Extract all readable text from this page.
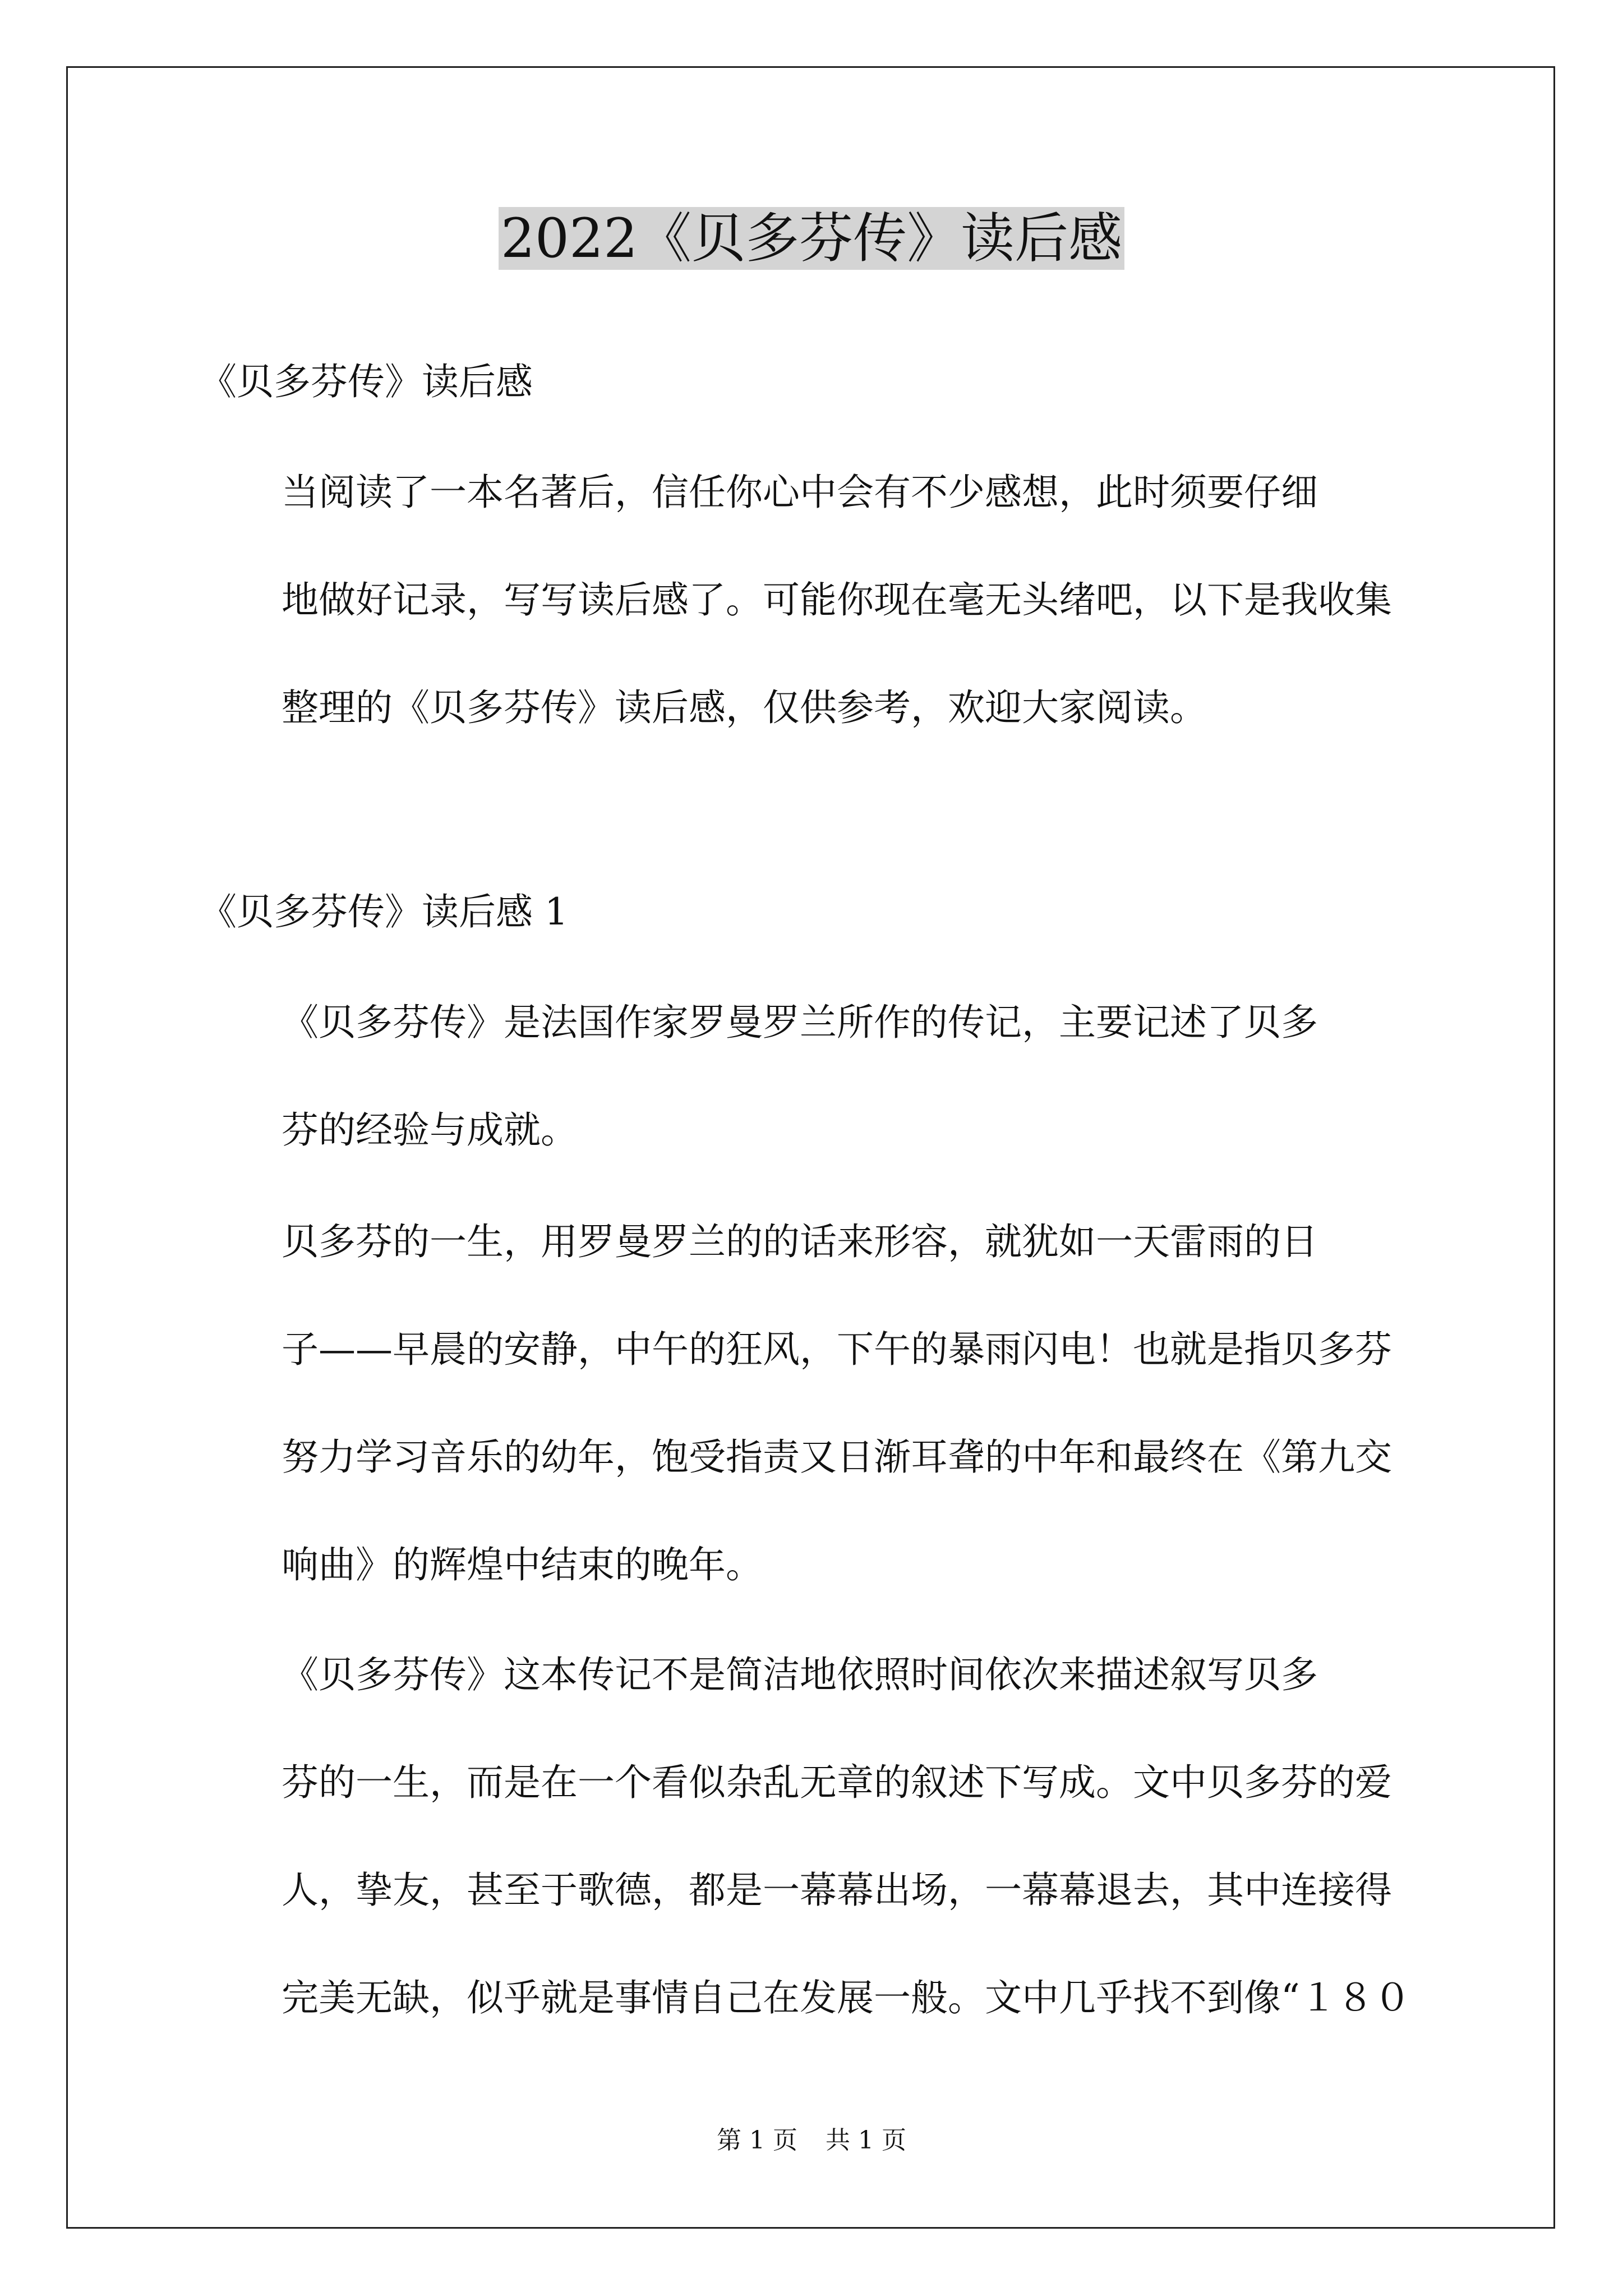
2022《贝多芬传》读后感

《贝多芬传》读后感

当阅读了一本名著后，信任你心中会有不少感想，此时须要仔细
地做好记录，写写读后感了。可能你现在毫无头绪吧，以下是我收集
整理的《贝多芬传》读后感，仅供参考，欢迎大家阅读。

《贝多芬传》读后感 1

《贝多芬传》是法国作家罗曼罗兰所作的传记，主要记述了贝多
芬的经验与成就。

贝多芬的一生，用罗曼罗兰的的话来形容，就犹如一天雷雨的日
子——早晨的安静，中午的狂风，下午的暴雨闪电！也就是指贝多芬
努力学习音乐的幼年，饱受指责又日渐耳聋的中年和最终在《第九交
响曲》的辉煌中结束的晚年。

《贝多芬传》这本传记不是简洁地依照时间依次来描述叙写贝多
芬的一生，而是在一个看似杂乱无章的叙述下写成。文中贝多芬的爱
人，挚友，甚至于歌德，都是一幕幕出场，一幕幕退去，其中连接得
完美无缺，似乎就是事情自己在发展一般。文中几乎找不到像“１８０

第 1 页 共 1 页
